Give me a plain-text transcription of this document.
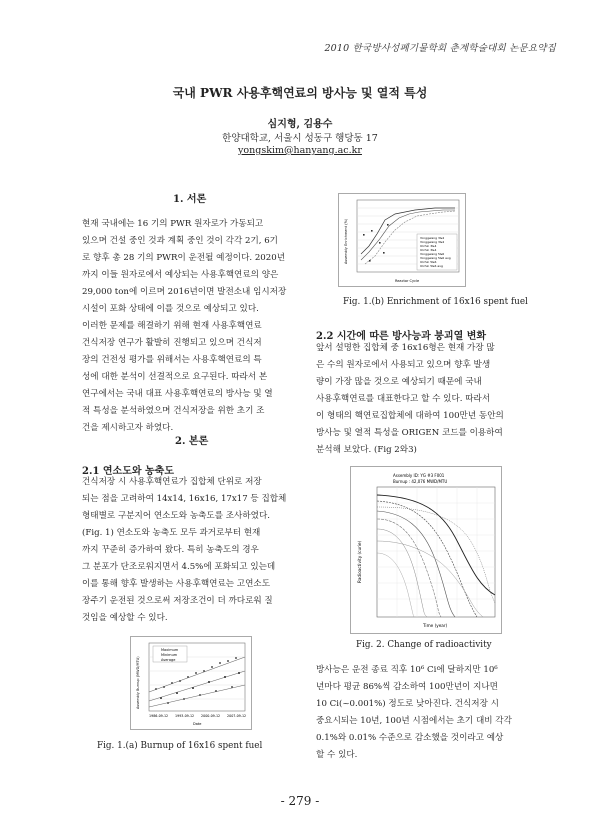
2010 한국방사성폐기물학회 춘계학술대회 논문요약집
국내 PWR 사용후핵연료의 방사능 및 열적 특성
심지형, 김용수
한양대학교, 서울시 성동구 행당동 17
yongskim@hanyang.ac.kr
1. 서론
현재 국내에는 16 기의 PWR 원자로가 가동되고
있으며 건설 중인 것과 계획 중인 것이 각각 2기, 6기
로 향후 총 28 기의 PWR이 운전될 예정이다. 2020년
까지 이들 원자로에서 예상되는 사용후핵연료의 양은
29,000 ton에 이르며 2016년이면 발전소내 임시저장
시설이 포화 상태에 이를 것으로 예상되고 있다.
이러한 문제를 해결하기 위해 현재 사용후핵연료
건식저장 연구가 활발히 진행되고 있으며 건식저
장의 건전성 평가를 위해서는 사용후핵연료의 특
성에 대한 분석이 선결적으로 요구된다. 따라서 본
연구에서는 국내 대표 사용후핵연료의 방사능 및 열
적 특성을 분석하였으며 건식저장을 위한 초기 조
건을 제시하고자 하였다.
2. 본론
2.1 연소도와 농축도
건식저장 시 사용후핵연료가 집합체 단위로 저장
되는 점을 고려하여 14x14, 16x16, 17x17 등 집합체
형태별로 구분지어 연소도와 농축도를 조사하였다.
(Fig. 1) 연소도와 농축도 모두 과거로부터 현재
까지 꾸준히 증가하여 왔다. 특히 농축도의 경우
그 분포가 단조로워지면서 4.5%에 포화되고 있는데
이를 통해 향후 발생하는 사용후핵연료는 고연소도
장주기 운전된 것으로써 저장조건이 더 까다로워 질
것임을 예상할 수 있다.
Maximum
Minimum
Average
Assembly Burnup (MWD/MTU)
1986-09-12 1993-09-12 2000-09-12 2007-09-12
Date
Fig. 1.(a) Burnup of 16x16 spent fuel
Yonggwang 3&4
Yonggwang 3&4
Ulchin 3&4
Ulchin 3&4
Yonggwang 5&6
Yonggwang 5&6 avg
Ulchin 5&6
Ulchin 5&6 avg
Assembly Enrichment (%)
Reactor Cycle
Fig. 1.(b) Enrichment of 16x16 spent fuel
2.2 시간에 따른 방사능과 붕괴열 변화
앞서 설명한 집합체 중 16x16형은 현재 가장 많
은 수의 원자로에서 사용되고 있으며 향후 발생
량이 가장 많을 것으로 예상되기 때문에 국내
사용후핵연료를 대표한다고 할 수 있다. 따라서
이 형태의 핵연료집합체에 대하여 100만년 동안의
방사능 및 열적 특성을 ORIGEN 코드를 이용하여
분석해 보았다. (Fig 2와3)
Assembly ID: YG #3 F001
Burnup : 42,076 MWD/MTU
Radioactivity (curie)
Time (year)
Fig. 2. Change of radioactivity
방사능은 운전 종료 직후 10⁶ Ci에 달하지만 10⁶
년마다 평균 86%씩 감소하여 100만년이 지나면
10 Ci(~0.001%) 정도로 낮아진다. 건식저장 시
중요시되는 10년, 100년 시점에서는 초기 대비 각각
0.1%와 0.01% 수준으로 감소했을 것이라고 예상
할 수 있다.
- 279 -
